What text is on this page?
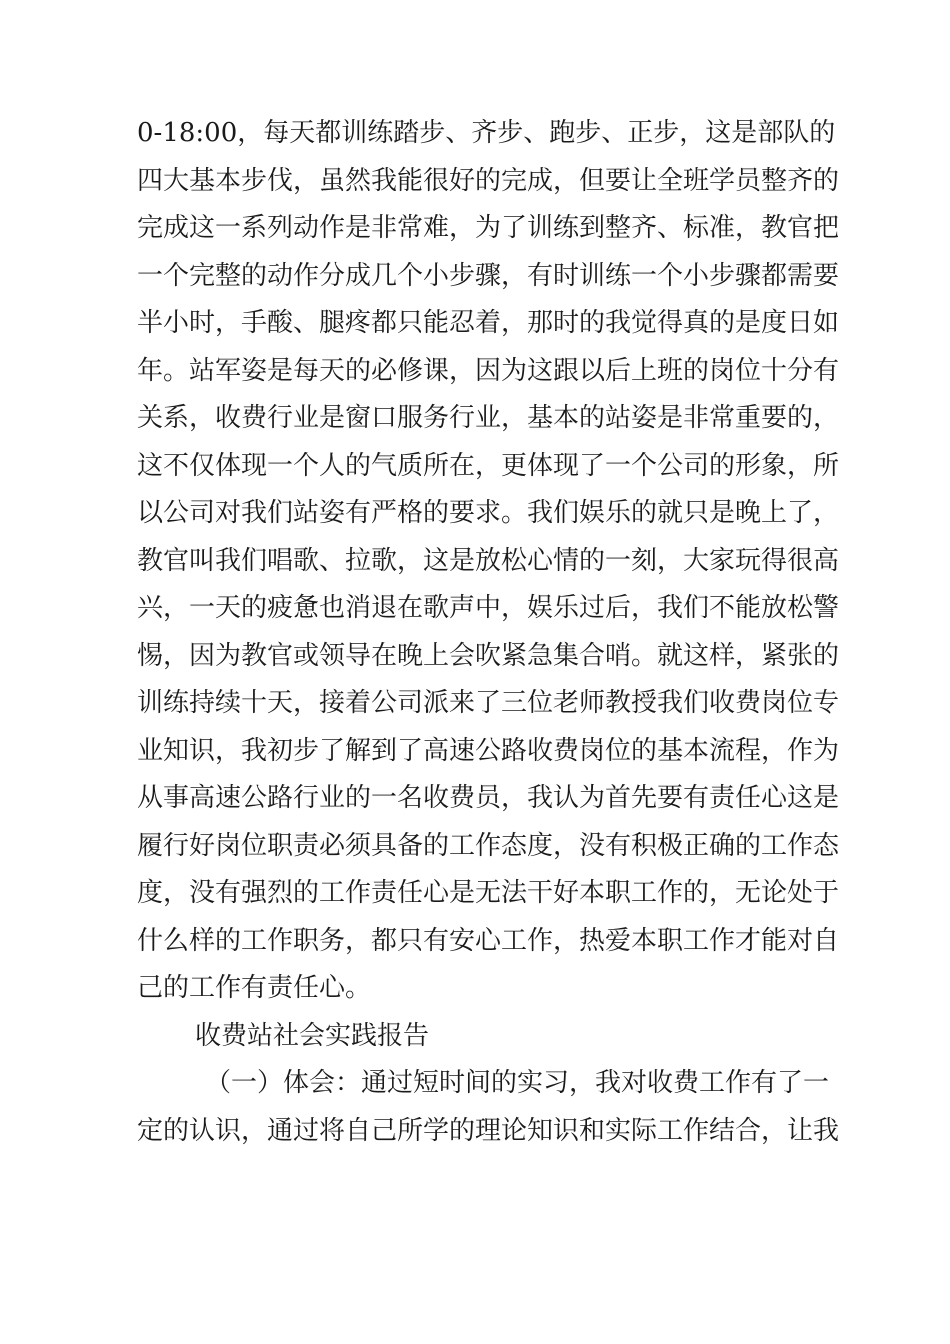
0-18:00，每天都训练踏步、齐步、跑步、正步，这是部队的
四大基本步伐，虽然我能很好的完成，但要让全班学员整齐的
完成这一系列动作是非常难，为了训练到整齐、标准，教官把
一个完整的动作分成几个小步骤，有时训练一个小步骤都需要
半小时，手酸、腿疼都只能忍着，那时的我觉得真的是度日如
年。站军姿是每天的必修课，因为这跟以后上班的岗位十分有
关系，收费行业是窗口服务行业，基本的站姿是非常重要的，
这不仅体现一个人的气质所在，更体现了一个公司的形象，所
以公司对我们站姿有严格的要求。我们娱乐的就只是晚上了，
教官叫我们唱歌、拉歌，这是放松心情的一刻，大家玩得很高
兴，一天的疲惫也消退在歌声中，娱乐过后，我们不能放松警
惕，因为教官或领导在晚上会吹紧急集合哨。就这样，紧张的
训练持续十天，接着公司派来了三位老师教授我们收费岗位专
业知识，我初步了解到了高速公路收费岗位的基本流程，作为
从事高速公路行业的一名收费员，我认为首先要有责任心这是
履行好岗位职责必须具备的工作态度，没有积极正确的工作态
度，没有强烈的工作责任心是无法干好本职工作的，无论处于
什么样的工作职务，都只有安心工作，热爱本职工作才能对自
己的工作有责任心。
收费站社会实践报告
（一）体会：通过短时间的实习，我对收费工作有了一
定的认识，通过将自己所学的理论知识和实际工作结合，让我
